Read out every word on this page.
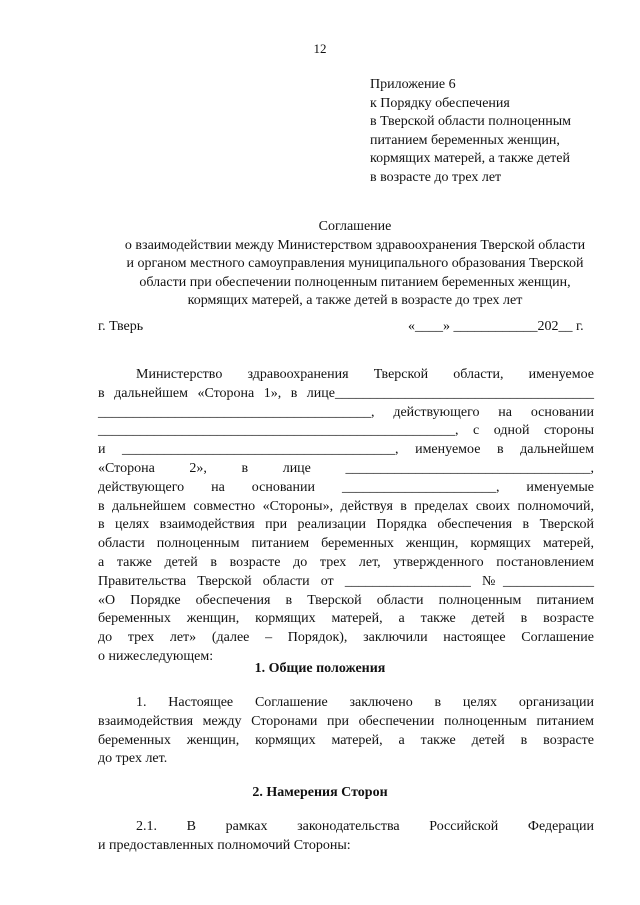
12
Приложение 6
к Порядку обеспечения
в Тверской области полноценным
питанием беременных женщин,
кормящих матерей, а также детей
в возрасте до трех лет
Соглашение
о взаимодействии между Министерством здравоохранения Тверской области
и органом местного самоуправления муниципального образования Тверской
области при обеспечении полноценным питанием беременных женщин,
кормящих матерей, а также детей в возрасте до трех лет
г. Тверь	«____» ____________202__ г.
Министерство здравоохранения Тверской области, именуемое
в дальнейшем «Сторона 1», в лице_____________________________________
_______________________________________, действующего на основании
___________________________________________________, с одной стороны
и _______________________________________, именуемое в дальнейшем
«Сторона 2», в лице ___________________________________,
действующего на основании ______________________, именуемые
в дальнейшем совместно «Стороны», действуя в пределах своих полномочий,
в целях взаимодействия при реализации Порядка обеспечения в Тверской
области полноценным питанием беременных женщин, кормящих матерей,
а также детей в возрасте до трех лет, утвержденного постановлением
Правительства Тверской области от __________________ №_____________
«О Порядке обеспечения в Тверской области полноценным питанием
беременных женщин, кормящих матерей, а также детей в возрасте
до трех лет» (далее – Порядок), заключили настоящее Соглашение
о нижеследующем:
1. Общие положения
1. Настоящее Соглашение заключено в целях организации
взаимодействия между Сторонами при обеспечении полноценным питанием
беременных женщин, кормящих матерей, а также детей в возрасте
до трех лет.
2. Намерения Сторон
2.1. В рамках законодательства Российской Федерации
и предоставленных полномочий Стороны:
